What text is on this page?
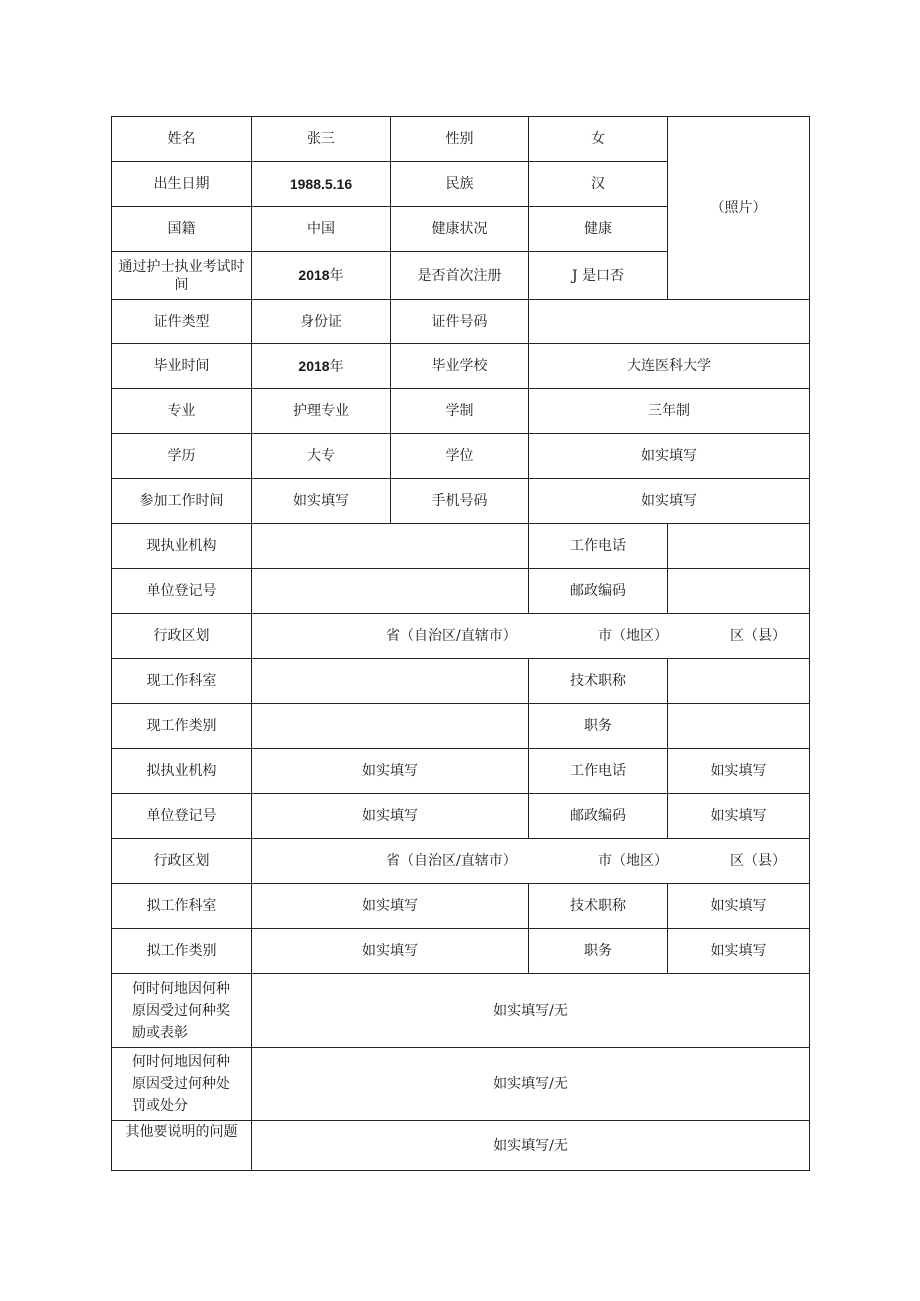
姓名	张三	性别	女	（照片）
出生日期	1988.5.16	民族	汉	
国籍	中国	健康状况	健康	
通过护士执业考试时间	2018年	是否首次注册	J 是口否	
证件类型	身份证	证件号码		
毕业时间	2018年	毕业学校	大连医科大学	
专业	护理专业	学制	三年制	
学历	大专	学位	如实填写	
参加工作时间	如实填写	手机号码	如实填写	
现执业机构			工作电话	
单位登记号			邮政编码	
行政区划	省（自治区/直辖市） 市（地区） 区（县）			

现工作科室			技术职称	
现工作类别			职务	
拟执业机构	如实填写		工作电话	如实填写
单位登记号	如实填写		邮政编码	如实填写
行政区划	省（自治区/直辖市） 市（地区） 区（县）			

拟工作科室	如实填写		技术职称	如实填写
拟工作类别	如实填写		职务	如实填写
何时何地因何种原因受过何种奖励或表彰	如实填写/无			
何时何地因何种原因受过何种处罚或处分	如实填写/无			
其他要说明的问题	如实填写/无			
